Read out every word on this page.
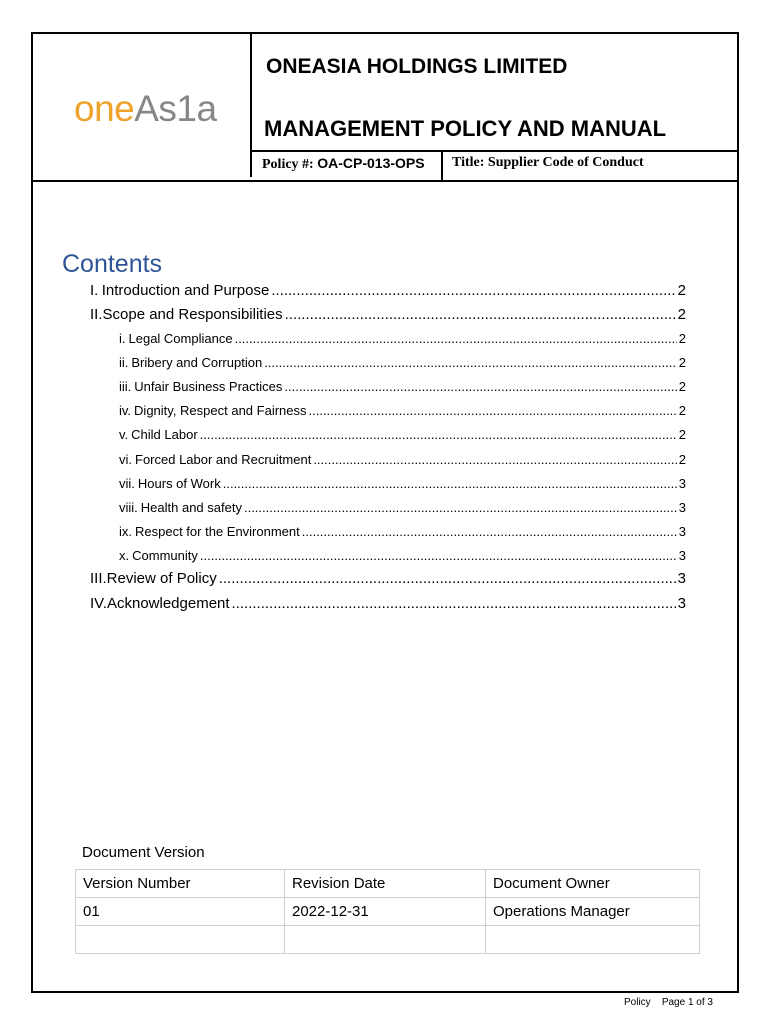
oneAs1a
ONEASIA HOLDINGS LIMITED
MANAGEMENT POLICY AND MANUAL
Policy #: OA-CP-013-OPS Title: Supplier Code of Conduct
Contents
I. Introduction and Purpose .....	2
II. Scope and Responsibilities .....	2
i. Legal Compliance .....	2
ii. Bribery and Corruption .....	2
iii. Unfair Business Practices .....	2
iv. Dignity, Respect and Fairness .....	2
v. Child Labor .....	2
vi. Forced Labor and Recruitment .....	2
vii. Hours of Work .....	3
viii. Health and safety .....	3
ix. Respect for the Environment .....	3
x. Community .....	3
III. Review of Policy .....	3
IV. Acknowledgement .....	3
Document Version
Version Number	Revision Date	Document Owner
01	2022-12-31	Operations Manager

Policy Page 1 of 3
